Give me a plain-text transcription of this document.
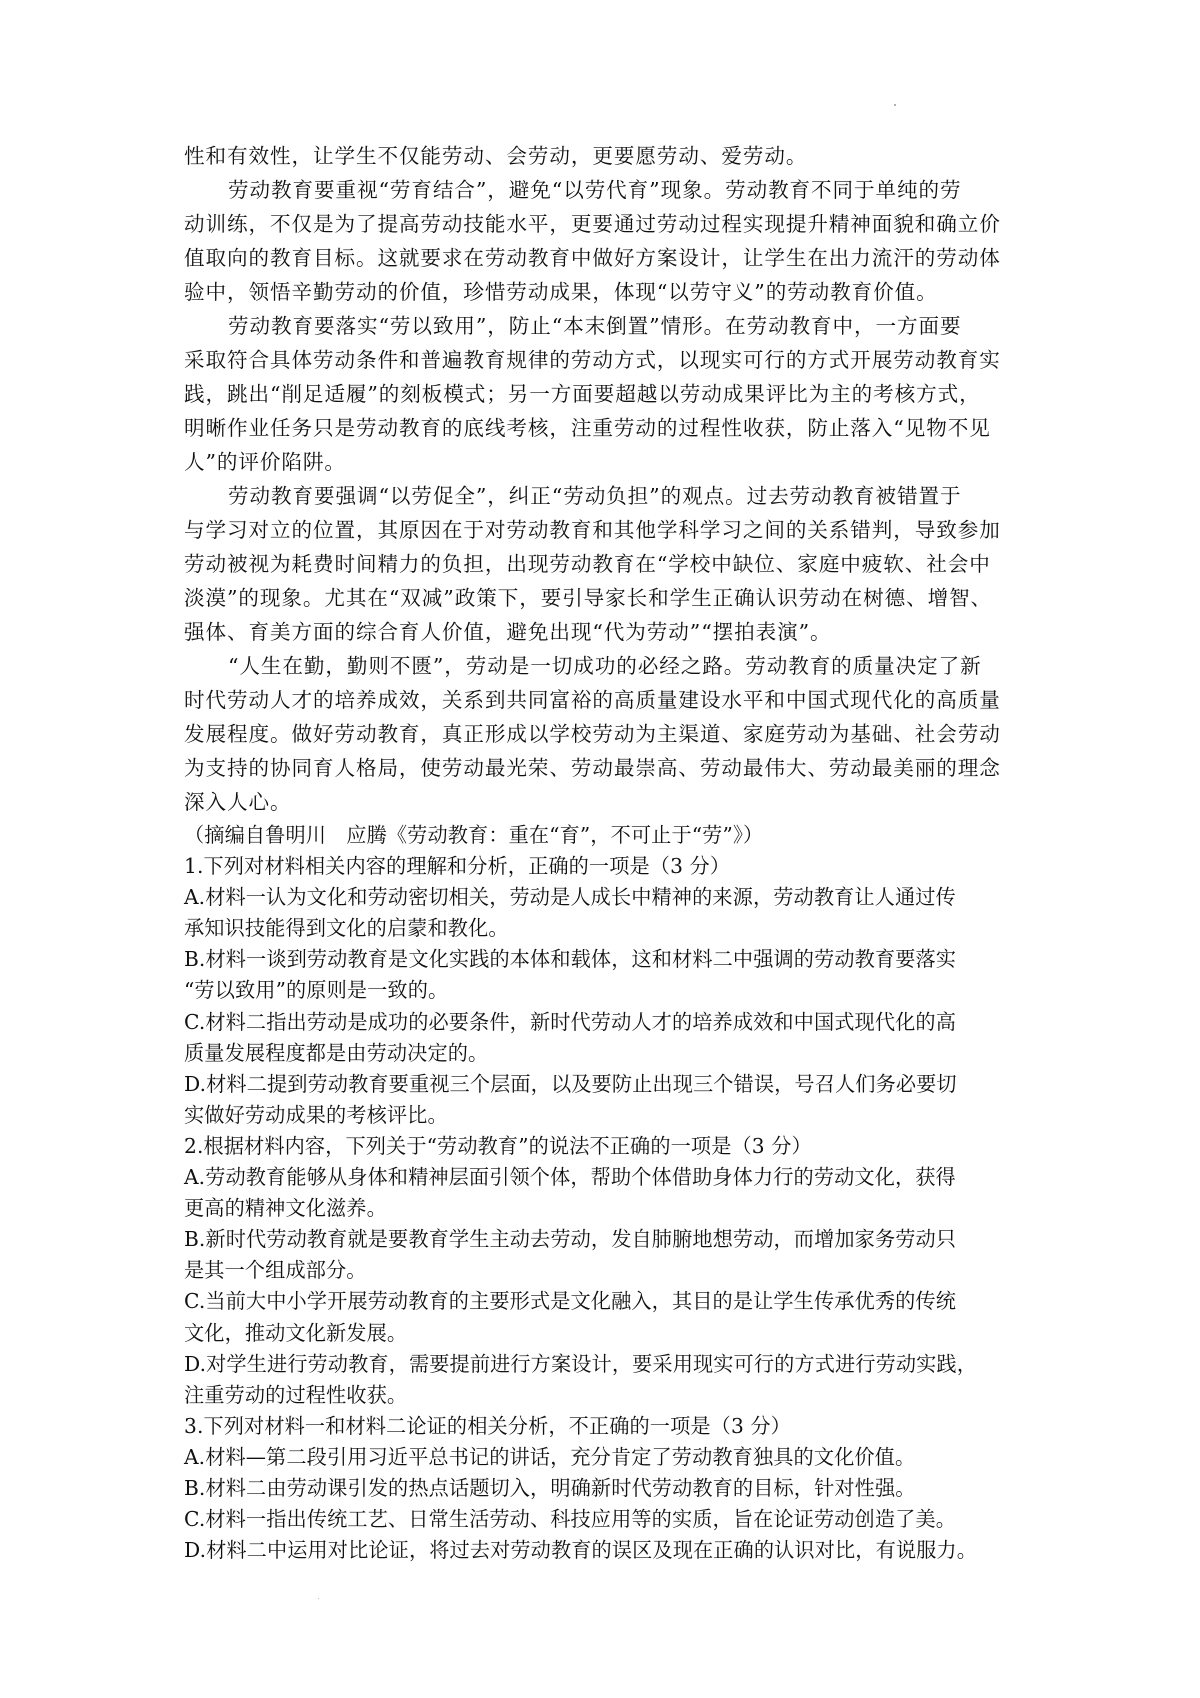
性和有效性，让学生不仅能劳动、会劳动，更要愿劳动、爱劳动。
劳动教育要重视“劳育结合”，避免“以劳代育”现象。劳动教育不同于单纯的劳
动训练，不仅是为了提高劳动技能水平，更要通过劳动过程实现提升精神面貌和确立价
值取向的教育目标。这就要求在劳动教育中做好方案设计，让学生在出力流汗的劳动体
验中，领悟辛勤劳动的价值，珍惜劳动成果，体现“以劳守义”的劳动教育价值。
劳动教育要落实“劳以致用”，防止“本末倒置”情形。在劳动教育中，一方面要
采取符合具体劳动条件和普遍教育规律的劳动方式，以现实可行的方式开展劳动教育实
践，跳出“削足适履”的刻板模式；另一方面要超越以劳动成果评比为主的考核方式，
明晰作业任务只是劳动教育的底线考核，注重劳动的过程性收获，防止落入“见物不见
人”的评价陷阱。
劳动教育要强调“以劳促全”，纠正“劳动负担”的观点。过去劳动教育被错置于
与学习对立的位置，其原因在于对劳动教育和其他学科学习之间的关系错判，导致参加
劳动被视为耗费时间精力的负担，出现劳动教育在“学校中缺位、家庭中疲软、社会中
淡漠”的现象。尤其在“双减”政策下，要引导家长和学生正确认识劳动在树德、增智、
强体、育美方面的综合育人价值，避免出现“代为劳动”“摆拍表演”。
“人生在勤，勤则不匮”，劳动是一切成功的必经之路。劳动教育的质量决定了新
时代劳动人才的培养成效，关系到共同富裕的高质量建设水平和中国式现代化的高质量
发展程度。做好劳动教育，真正形成以学校劳动为主渠道、家庭劳动为基础、社会劳动
为支持的协同育人格局，使劳动最光荣、劳动最崇高、劳动最伟大、劳动最美丽的理念
深入人心。
（摘编自鲁明川　应腾《劳动教育：重在“育”，不可止于“劳”》）
1.下列对材料相关内容的理解和分析，正确的一项是（3 分）
A.材料一认为文化和劳动密切相关，劳动是人成长中精神的来源，劳动教育让人通过传
承知识技能得到文化的启蒙和教化。
B.材料一谈到劳动教育是文化实践的本体和载体，这和材料二中强调的劳动教育要落实
“劳以致用”的原则是一致的。
C.材料二指出劳动是成功的必要条件，新时代劳动人才的培养成效和中国式现代化的高
质量发展程度都是由劳动决定的。
D.材料二提到劳动教育要重视三个层面，以及要防止出现三个错误，号召人们务必要切
实做好劳动成果的考核评比。
2.根据材料内容，下列关于“劳动教育”的说法不正确的一项是（3 分）
A.劳动教育能够从身体和精神层面引领个体，帮助个体借助身体力行的劳动文化，获得
更高的精神文化滋养。
B.新时代劳动教育就是要教育学生主动去劳动，发自肺腑地想劳动，而增加家务劳动只
是其一个组成部分。
C.当前大中小学开展劳动教育的主要形式是文化融入，其目的是让学生传承优秀的传统
文化，推动文化新发展。
D.对学生进行劳动教育，需要提前进行方案设计，要采用现实可行的方式进行劳动实践，
注重劳动的过程性收获。
3.下列对材料一和材料二论证的相关分析，不正确的一项是（3 分）
A.材料—第二段引用习近平总书记的讲话，充分肯定了劳动教育独具的文化价值。
B.材料二由劳动课引发的热点话题切入，明确新时代劳动教育的目标，针对性强。
C.材料一指出传统工艺、日常生活劳动、科技应用等的实质，旨在论证劳动创造了美。
D.材料二中运用对比论证，将过去对劳动教育的误区及现在正确的认识对比，有说服力。
